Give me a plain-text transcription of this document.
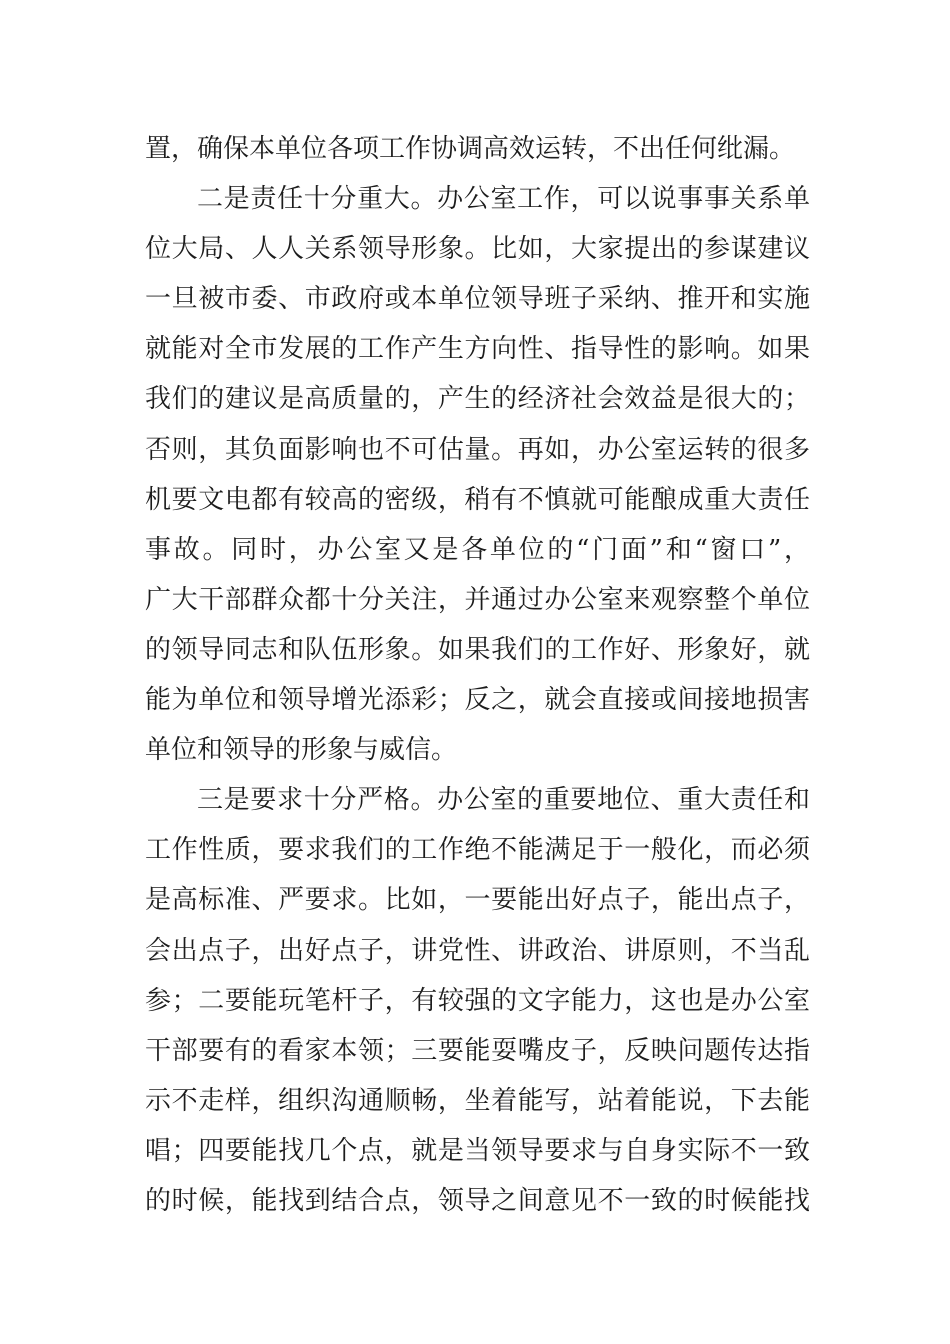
置，确保本单位各项工作协调高效运转，不出任何纰漏。
二是责任十分重大。办公室工作，可以说事事关系单
位大局、人人关系领导形象。比如，大家提出的参谋建议
一旦被市委、市政府或本单位领导班子采纳、推开和实施
就能对全市发展的工作产生方向性、指导性的影响。如果
我们的建议是高质量的，产生的经济社会效益是很大的；
否则，其负面影响也不可估量。再如，办公室运转的很多
机要文电都有较高的密级，稍有不慎就可能酿成重大责任
事故。同时，办公室又是各单位的“门面”和“窗口”，
广大干部群众都十分关注，并通过办公室来观察整个单位
的领导同志和队伍形象。如果我们的工作好、形象好，就
能为单位和领导增光添彩；反之，就会直接或间接地损害
单位和领导的形象与威信。
三是要求十分严格。办公室的重要地位、重大责任和
工作性质，要求我们的工作绝不能满足于一般化，而必须
是高标准、严要求。比如，一要能出好点子，能出点子，
会出点子，出好点子，讲党性、讲政治、讲原则，不当乱
参；二要能玩笔杆子，有较强的文字能力，这也是办公室
干部要有的看家本领；三要能耍嘴皮子，反映问题传达指
示不走样，组织沟通顺畅，坐着能写，站着能说，下去能
唱；四要能找几个点，就是当领导要求与自身实际不一致
的时候，能找到结合点，领导之间意见不一致的时候能找
